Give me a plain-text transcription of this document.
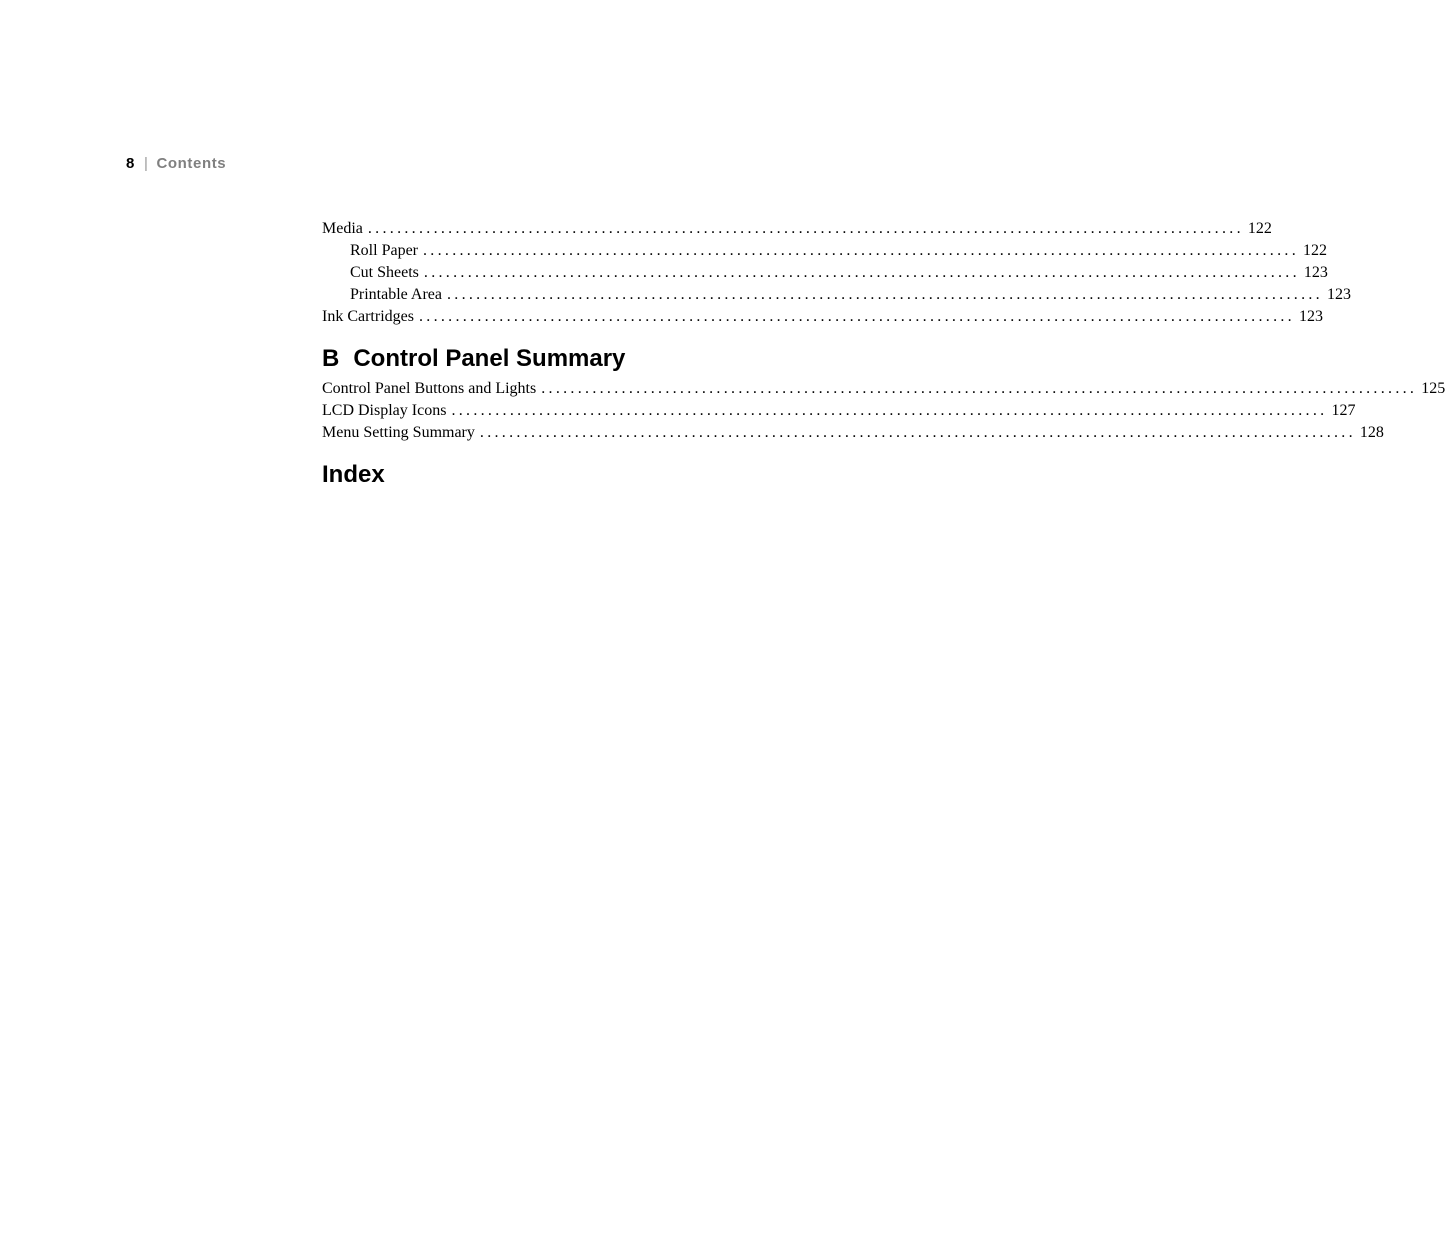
8 | Contents
Media ........................................................................................................................ 122
Roll Paper ........................................................................................................................ 122
Cut Sheets ........................................................................................................................ 123
Printable Area ........................................................................................................................ 123
Ink Cartridges ........................................................................................................................ 123
B Control Panel Summary
Control Panel Buttons and Lights ........................................................................................................................ 125
LCD Display Icons ........................................................................................................................ 127
Menu Setting Summary ........................................................................................................................ 128
Index
